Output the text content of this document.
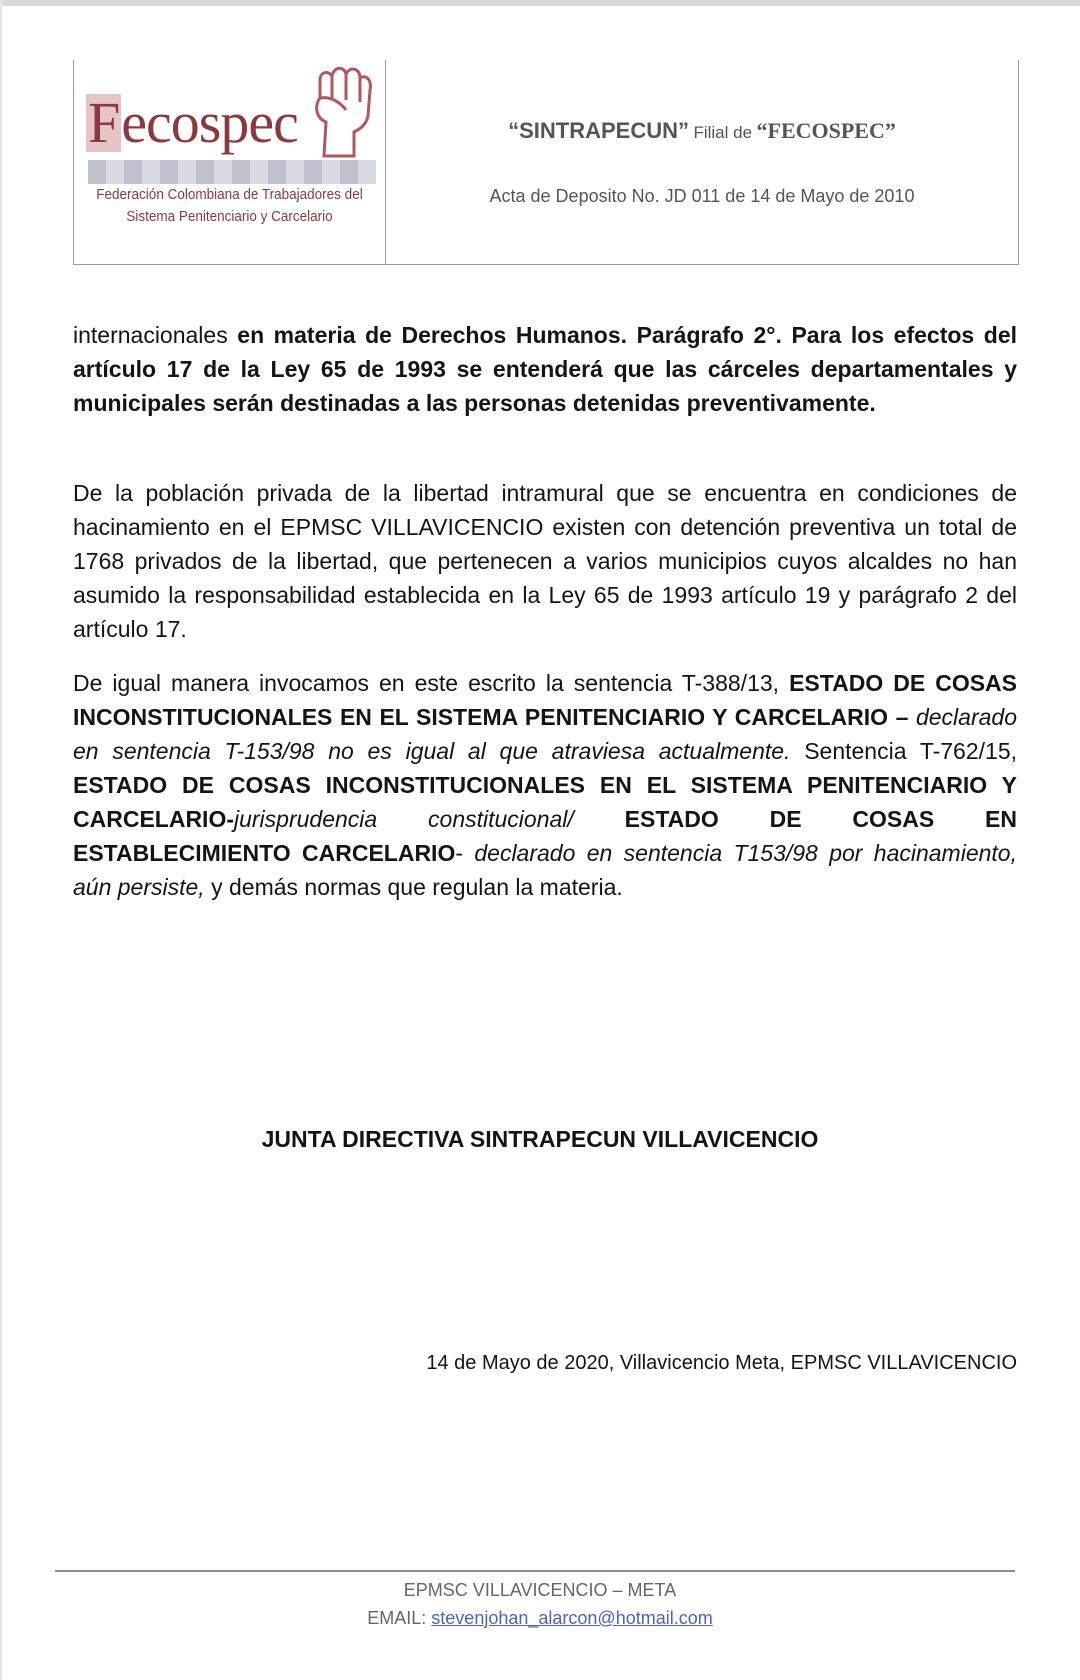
Fecospec
Federación Colombiana de Trabajadores del
Sistema Penitenciario y Carcelario
“SINTRAPECUN” Filial de “FECOSPEC”
Acta de Deposito No. JD 011 de 14 de Mayo de 2010
internacionales en materia de Derechos Humanos. Parágrafo 2°. Para los efectos del artículo 17 de la Ley 65 de 1993 se entenderá que las cárceles departamentales y municipales serán destinadas a las personas detenidas preventivamente.
De la población privada de la libertad intramural que se encuentra en condiciones de hacinamiento en el EPMSC VILLAVICENCIO existen con detención preventiva un total de 1768 privados de la libertad, que pertenecen a varios municipios cuyos alcaldes no han asumido la responsabilidad establecida en la Ley 65 de 1993 artículo 19 y parágrafo 2 del artículo 17.
De igual manera invocamos en este escrito la sentencia T-388/13, ESTADO DE COSAS INCONSTITUCIONALES EN EL SISTEMA PENITENCIARIO Y CARCELARIO – declarado en sentencia T-153/98 no es igual al que atraviesa actualmente. Sentencia T-762/15, ESTADO DE COSAS INCONSTITUCIONALES EN EL SISTEMA PENITENCIARIO Y CARCELARIO-jurisprudencia constitucional/ ESTADO DE COSAS EN ESTABLECIMIENTO CARCELARIO- declarado en sentencia T153/98 por hacinamiento, aún persiste, y demás normas que regulan la materia.
JUNTA DIRECTIVA SINTRAPECUN VILLAVICENCIO
14 de Mayo de 2020, Villavicencio Meta, EPMSC VILLAVICENCIO
EPMSC VILLAVICENCIO – META
EMAIL: stevenjohan_alarcon@hotmail.com
